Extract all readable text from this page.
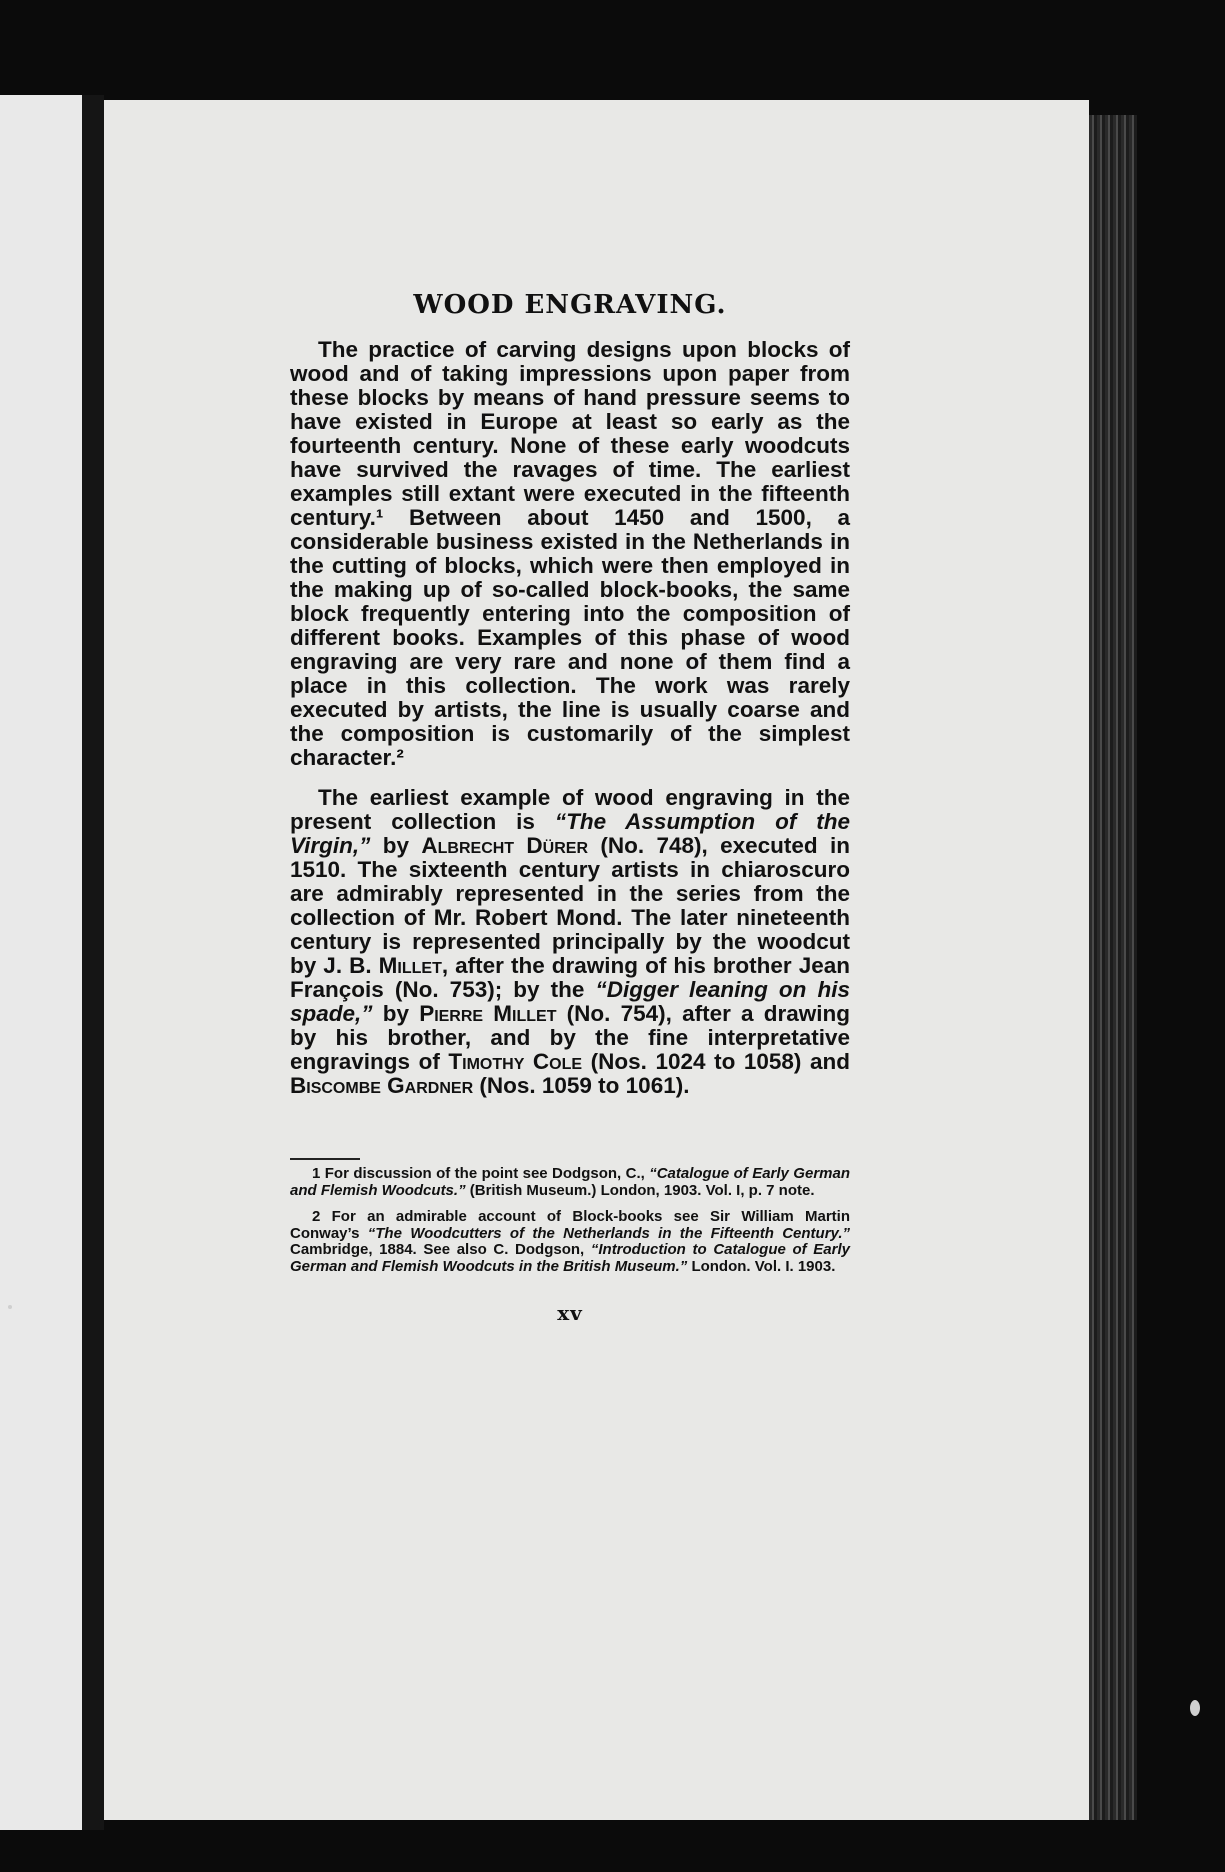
WOOD ENGRAVING.

The practice of carving designs upon blocks of wood and of taking impressions upon paper from these blocks by means of hand pressure seems to have existed in Europe at least so early as the fourteenth century. None of these early woodcuts have survived the ravages of time. The earliest examples still extant were executed in the fifteenth century.¹ Between about 1450 and 1500, a considerable business existed in the Netherlands in the cutting of blocks, which were then employed in the making up of so-called block-books, the same block frequently entering into the composition of different books. Examples of this phase of wood engraving are very rare and none of them find a place in this collection. The work was rarely executed by artists, the line is usually coarse and the composition is customarily of the simplest character.²

The earliest example of wood engraving in the present collection is “The Assumption of the Virgin,” by Albrecht Dürer (No. 748), executed in 1510. The sixteenth century artists in chiaroscuro are admirably represented in the series from the collection of Mr. Robert Mond. The later nineteenth century is represented principally by the woodcut by J. B. Millet, after the drawing of his brother Jean François (No. 753); by the “Digger leaning on his spade,” by Pierre Millet (No. 754), after a drawing by his brother, and by the fine interpretative engravings of Timothy Cole (Nos. 1024 to 1058) and Biscombe Gardner (Nos. 1059 to 1061).

1 For discussion of the point see Dodgson, C., “Catalogue of Early German and Flemish Woodcuts.” (British Museum.) London, 1903. Vol. I, p. 7 note.

2 For an admirable account of Block-books see Sir William Martin Conway’s “The Woodcutters of the Netherlands in the Fifteenth Century.” Cambridge, 1884. See also C. Dodgson, “Introduction to Catalogue of Early German and Flemish Woodcuts in the British Museum.” London. Vol. I. 1903.

xv
